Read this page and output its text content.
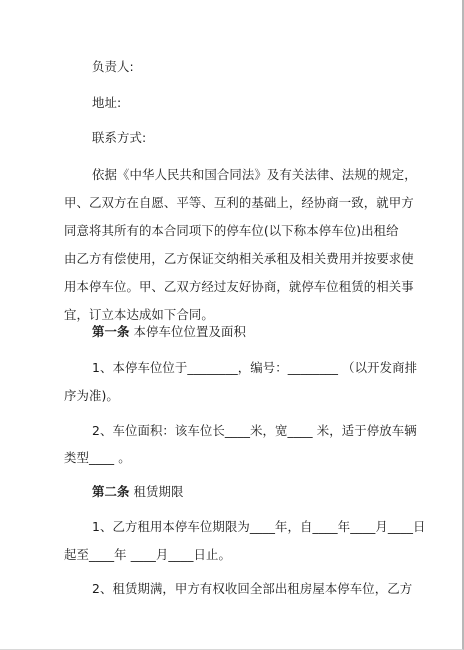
负责人:
地址:
联系方式:
依据《中华人民共和国合同法》及有关法律、法规的规定，
甲、乙双方在自愿、平等、互利的基础上，经协商一致，就甲方
同意将其所有的本合同项下的停车位(以下称本停车位)出租给
由乙方有偿使用，乙方保证交纳相关承租及相关费用并按要求使
用本停车位。甲、乙双方经过友好协商，就停车位租赁的相关事
宜，订立本达成如下合同。
第一条 本停车位位置及面积
1、本停车位位于________，编号：________ （以开发商排
序为准)。
2、车位面积：该车位长____米，宽____ 米，适于停放车辆
类型____ 。
第二条 租赁期限
1、乙方租用本停车位期限为____年，自____年____月____日
起至____年 ____月____日止。
2、租赁期满，甲方有权收回全部出租房屋本停车位，乙方
